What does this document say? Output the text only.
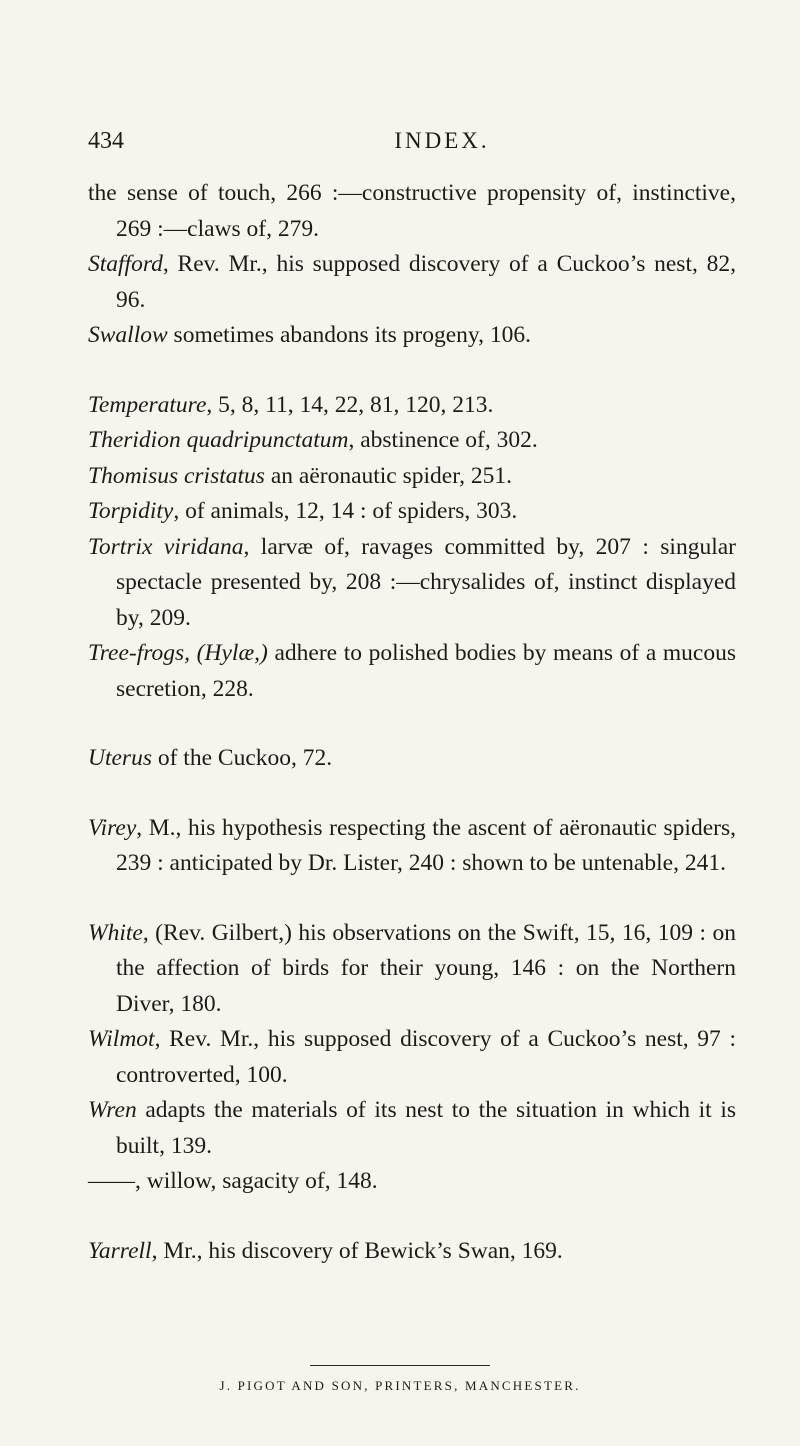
434	INDEX.

the sense of touch, 266 :—constructive propensity of, instinctive, 269 :—claws of, 279.

Stafford, Rev. Mr., his supposed discovery of a Cuckoo’s nest, 82, 96.

Swallow sometimes abandons its progeny, 106.

Temperature, 5, 8, 11, 14, 22, 81, 120, 213.

Theridion quadripunctatum, abstinence of, 302.

Thomisus cristatus an aëronautic spider, 251.

Torpidity, of animals, 12, 14 : of spiders, 303.

Tortrix viridana, larvæ of, ravages committed by, 207 : singular spectacle presented by, 208 :—chrysalides of, instinct displayed by, 209.

Tree-frogs, (Hylæ,) adhere to polished bodies by means of a mucous secretion, 228.

Uterus of the Cuckoo, 72.

Virey, M., his hypothesis respecting the ascent of aëronautic spiders, 239 : anticipated by Dr. Lister, 240 : shown to be untenable, 241.

White, (Rev. Gilbert,) his observations on the Swift, 15, 16, 109 : on the affection of birds for their young, 146 : on the Northern Diver, 180.

Wilmot, Rev. Mr., his supposed discovery of a Cuckoo’s nest, 97 : controverted, 100.

Wren adapts the materials of its nest to the situation in which it is built, 139.

——, willow, sagacity of, 148.

Yarrell, Mr., his discovery of Bewick’s Swan, 169.

J. PIGOT AND SON, PRINTERS, MANCHESTER.
